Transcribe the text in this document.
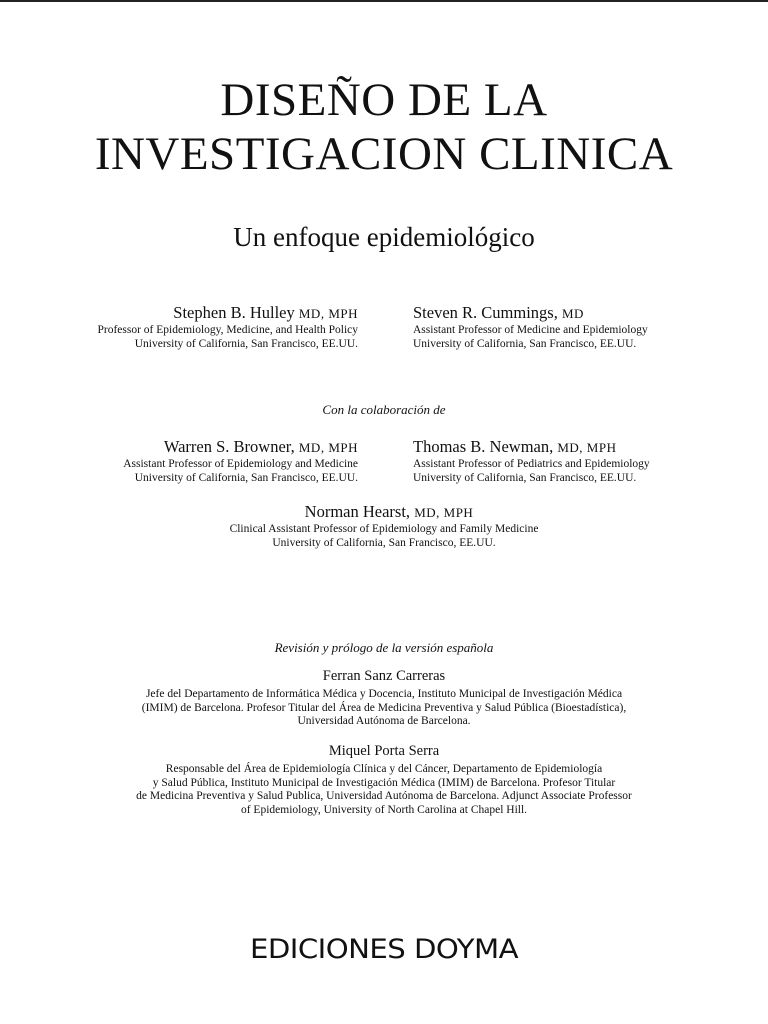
DISEÑO DE LA
INVESTIGACION CLINICA
Un enfoque epidemiológico
Stephen B. Hulley MD, MPH
Professor of Epidemiology, Medicine, and Health Policy
University of California, San Francisco, EE.UU.
Steven R. Cummings, MD
Assistant Professor of Medicine and Epidemiology
University of California, San Francisco, EE.UU.
Con la colaboración de
Warren S. Browner, MD, MPH
Assistant Professor of Epidemiology and Medicine
University of California, San Francisco, EE.UU.
Thomas B. Newman, MD, MPH
Assistant Professor of Pediatrics and Epidemiology
University of California, San Francisco, EE.UU.
Norman Hearst, MD, MPH
Clinical Assistant Professor of Epidemiology and Family Medicine
University of California, San Francisco, EE.UU.
Revisión y prólogo de la versión española
Ferran Sanz Carreras
Jefe del Departamento de Informática Médica y Docencia, Instituto Municipal de Investigación Médica
(IMIM) de Barcelona. Profesor Titular del Área de Medicina Preventiva y Salud Pública (Bioestadística),
Universidad Autónoma de Barcelona.
Miquel Porta Serra
Responsable del Área de Epidemiología Clínica y del Cáncer, Departamento de Epidemiología
y Salud Pública, Instituto Municipal de Investigación Médica (IMIM) de Barcelona. Profesor Titular
de Medicina Preventiva y Salud Publica, Universidad Autónoma de Barcelona. Adjunct Associate Professor
of Epidemiology, University of North Carolina at Chapel Hill.
EDICIONES DOYMA
